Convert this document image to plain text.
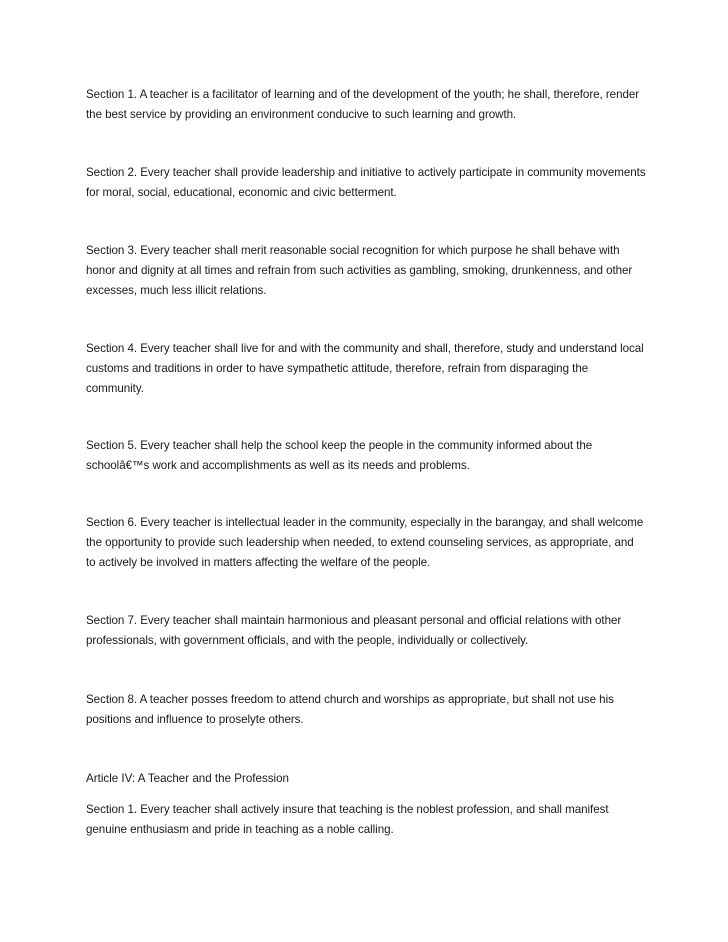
Section 1. A teacher is a facilitator of learning and of the development of the youth; he shall, therefore, render the best service by providing an environment conducive to such learning and growth.

Section 2. Every teacher shall provide leadership and initiative to actively participate in community movements for moral, social, educational, economic and civic betterment.

Section 3. Every teacher shall merit reasonable social recognition for which purpose he shall behave with honor and dignity at all times and refrain from such activities as gambling, smoking, drunkenness, and other excesses, much less illicit relations.

Section 4. Every teacher shall live for and with the community and shall, therefore, study and understand local customs and traditions in order to have sympathetic attitude, therefore, refrain from disparaging the community.

Section 5. Every teacher shall help the school keep the people in the community informed about the schoolâ€™s work and accomplishments as well as its needs and problems.

Section 6. Every teacher is intellectual leader in the community, especially in the barangay, and shall welcome the opportunity to provide such leadership when needed, to extend counseling services, as appropriate, and to actively be involved in matters affecting the welfare of the people.

Section 7. Every teacher shall maintain harmonious and pleasant personal and official relations with other professionals, with government officials, and with the people, individually or collectively.

Section 8. A teacher posses freedom to attend church and worships as appropriate, but shall not use his positions and influence to proselyte others.

Article IV: A Teacher and the Profession

Section 1. Every teacher shall actively insure that teaching is the noblest profession, and shall manifest genuine enthusiasm and pride in teaching as a noble calling.
